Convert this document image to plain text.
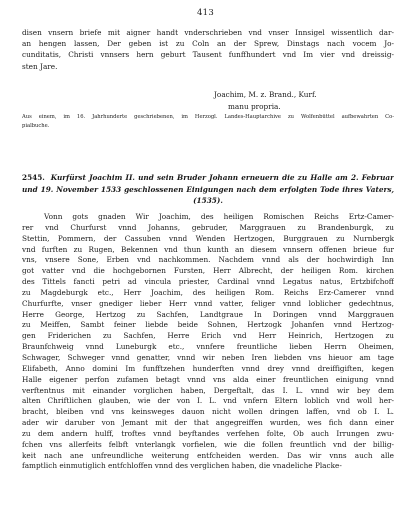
413
disen vnsern briefe mit aigner handt vnderschrieben vnd vnser Innsigel wissentlich dar-
an hengen lassen, Der geben ist zu Coln an der Sprew, Dinstags nach vocem Jo-
cunditatis, Christi vnnsers hern geburt Tausent funffhundert vnd Im vier vnd dreissig-
sten Jare.
Joachim, M. z. Brand., Kurf.
manu propria.
Aus einem, im 16. Jahrhunderte geschriebenen, im Herzogl. Landes-Hauptarchive zu Wolfenbüttel aufbewahrten Co-
pialbuche.
2545. Kurfürst Joachim II. und sein Bruder Johann erneuern die zu Halle am 2. Februar
und 19. November 1533 geschlossenen Einigungen nach dem erfolgten Tode ihres Vaters,
(1535).
Vonn gots gnaden Wir Joachim, des heiligen Romischen Reichs Ertz-Camer-
rer vnd Churfurst vnnd Johanns, gebruder, Marggrauen zu Brandenburgk, zu
Stettin, Pommern, der Cassuben vnnd Wenden Hertzogen, Burggrauen zu Nurnbergk
vnd furften zu Rugen, Bekennen vnd thun kunth an diesem vnnsern offenen brieue fur
vns, vnsere Sone, Erben vnd nachkommen. Nachdem vnnd als der hochwirdigh Inn
got vatter vnd die hochgebornen Fursten, Herr Albrecht, der heiligen Rom. kirchen
des Tittels fancti petri ad vincula priester, Cardinal vnnd Legatus natus, Ertzbifchoff
zu Magdeburgk etc., Herr Joachim, des heiligen Rom. Reichs Erz-Camerer vnnd
Churfurfte, vnser gnediger lieber Herr vnnd vatter, feliger vnnd loblicher gedechtnus,
Herre George, Hertzog zu Sachfen, Landtgraue In Doringen vnnd Marggrauen
zu Meiffen, Sambt feiner liebde beide Sohnen, Hertzogk Johanfen vnnd Hertzog-
gen Friderichen zu Sachfen, Herre Erich vnd Herr Heinrich, Hertzogen zu
Braunfchweig vnnd Luneburgk etc., vnnfere freuntliche lieben Herrn Oheimen,
Schwager, Schweger vnnd genatter, vnnd wir neben Iren liebden vns hieuor am tage
Elifabeth, Anno domini Im funfftzehen hunderften vnnd drey vnnd dreiffigiften, kegen
Halle eigener perfon zufamen betagt vnnd vns alda einer freuntlichen einigung vnnd
verftentnus mit einander vorglichen haben, Dergeftalt, das I. L. vnnd wir bey dem
alten Chriftlichen glauben, wie der von I. L. vnd vnfern Eltern loblich vnd woll her-
bracht, bleiben vnd vns keinsweges dauon nicht wollen dringen laffen, vnd ob I. L.
ader wir daruber von Jemant mit der that angegreiffen wurden, wes fich dann einer
zu dem andern hulff, troftes vnnd beyftandes verfehen folte, Ob auch Irrungen zwu-
fchen vns allerfeits felbft vnterlangk vorfielen, wie die follen freuntlich vnd der billig-
keit nach ane unfreundliche weiterung entfcheiden werden. Das wir vnns auch alle
famptlich einmutiglich entfchloffen vnnd des verglichen haben, die vnadeliche Placke-
